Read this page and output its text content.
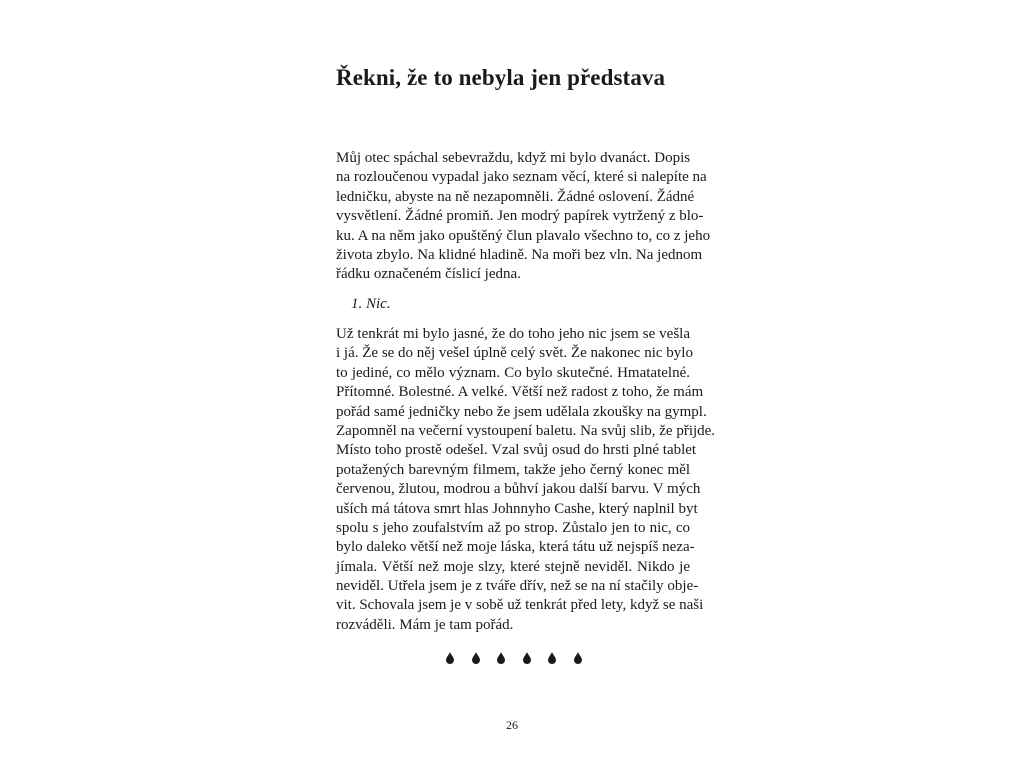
Řekni, že to nebyla jen představa
Můj otec spáchal sebevraždu, když mi bylo dvanáct. Dopis
na rozloučenou vypadal jako seznam věcí, které si nalepíte na
ledničku, abyste na ně nezapomněli. Žádné oslovení. Žádné
vysvětlení. Žádné promiň. Jen modrý papírek vytržený z blo-
ku. A na něm jako opuštěný člun plavalo všechno to, co z jeho
života zbylo. Na klidné hladině. Na moři bez vln. Na jednom
řádku označeném číslicí jedna.

1. Nic.

Už tenkrát mi bylo jasné, že do toho jeho nic jsem se vešla
i já. Že se do něj vešel úplně celý svět. Že nakonec nic bylo
to jediné, co mělo význam. Co bylo skutečné. Hmatatelné.
Přítomné. Bolestné. A velké. Větší než radost z toho, že mám
pořád samé jedničky nebo že jsem udělala zkoušky na gympl.
Zapomněl na večerní vystoupení baletu. Na svůj slib, že přijde.
Místo toho prostě odešel. Vzal svůj osud do hrsti plné tablet
potažených barevným filmem, takže jeho černý konec měl
červenou, žlutou, modrou a bůhví jakou další barvu. V mých
uších má tátova smrt hlas Johnnyho Cashe, který naplnil byt
spolu s jeho zoufalstvím až po strop. Zůstalo jen to nic, co
bylo daleko větší než moje láska, která tátu už nejspíš neza-
jímala. Větší než moje slzy, které stejně neviděl. Nikdo je
neviděl. Utřela jsem je z tváře dřív, než se na ní stačily obje-
vit. Schovala jsem je v sobě už tenkrát před lety, když se naši
rozváděli. Mám je tam pořád.

26
